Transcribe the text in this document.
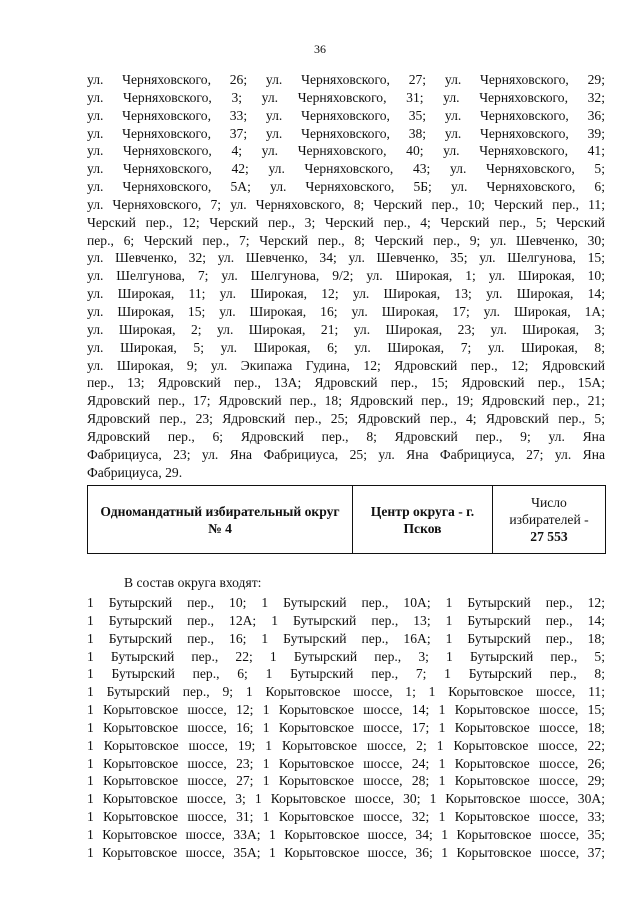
36
ул. Черняховского, 26; ул. Черняховского, 27; ул. Черняховского, 29;
ул. Черняховского, 3; ул. Черняховского, 31; ул. Черняховского, 32;
ул. Черняховского, 33; ул. Черняховского, 35; ул. Черняховского, 36;
ул. Черняховского, 37; ул. Черняховского, 38; ул. Черняховского, 39;
ул. Черняховского, 4; ул. Черняховского, 40; ул. Черняховского, 41;
ул. Черняховского, 42; ул. Черняховского, 43; ул. Черняховского, 5;
ул. Черняховского, 5А; ул. Черняховского, 5Б; ул. Черняховского, 6;
ул. Черняховского, 7; ул. Черняховского, 8; Черский пер., 10; Черский пер., 11;
Черский пер., 12; Черский пер., 3; Черский пер., 4; Черский пер., 5; Черский
пер., 6; Черский пер., 7; Черский пер., 8; Черский пер., 9; ул. Шевченко, 30;
ул. Шевченко, 32; ул. Шевченко, 34; ул. Шевченко, 35; ул. Шелгунова, 15;
ул. Шелгунова, 7; ул. Шелгунова, 9/2; ул. Широкая, 1; ул. Широкая, 10;
ул. Широкая, 11; ул. Широкая, 12; ул. Широкая, 13; ул. Широкая, 14;
ул. Широкая, 15; ул. Широкая, 16; ул. Широкая, 17; ул. Широкая, 1А;
ул. Широкая, 2; ул. Широкая, 21; ул. Широкая, 23; ул. Широкая, 3;
ул. Широкая, 5; ул. Широкая, 6; ул. Широкая, 7; ул. Широкая, 8;
ул. Широкая, 9; ул. Экипажа Гудина, 12; Ядровский пер., 12; Ядровский
пер., 13; Ядровский пер., 13А; Ядровский пер., 15; Ядровский пер., 15А;
Ядровский пер., 17; Ядровский пер., 18; Ядровский пер., 19; Ядровский пер., 21;
Ядровский пер., 23; Ядровский пер., 25; Ядровский пер., 4; Ядровский пер., 5;
Ядровский пер., 6; Ядровский пер., 8; Ядровский пер., 9; ул. Яна
Фабрициуса, 23; ул. Яна Фабрициуса, 25; ул. Яна Фабрициуса, 27; ул. Яна
Фабрициуса, 29.
Одномандатный избирательный округ № 4
Центр округа - г. Псков
Число избирателей -
27 553
В состав округа входят:
1 Бутырский пер., 10; 1 Бутырский пер., 10А; 1 Бутырский пер., 12;
1 Бутырский пер., 12А; 1 Бутырский пер., 13; 1 Бутырский пер., 14;
1 Бутырский пер., 16; 1 Бутырский пер., 16А; 1 Бутырский пер., 18;
1 Бутырский пер., 22; 1 Бутырский пер., 3; 1 Бутырский пер., 5;
1 Бутырский пер., 6; 1 Бутырский пер., 7; 1 Бутырский пер., 8;
1 Бутырский пер., 9; 1 Корытовское шоссе, 1; 1 Корытовское шоссе, 11;
1 Корытовское шоссе, 12; 1 Корытовское шоссе, 14; 1 Корытовское шоссе, 15;
1 Корытовское шоссе, 16; 1 Корытовское шоссе, 17; 1 Корытовское шоссе, 18;
1 Корытовское шоссе, 19; 1 Корытовское шоссе, 2; 1 Корытовское шоссе, 22;
1 Корытовское шоссе, 23; 1 Корытовское шоссе, 24; 1 Корытовское шоссе, 26;
1 Корытовское шоссе, 27; 1 Корытовское шоссе, 28; 1 Корытовское шоссе, 29;
1 Корытовское шоссе, 3; 1 Корытовское шоссе, 30; 1 Корытовское шоссе, 30А;
1 Корытовское шоссе, 31; 1 Корытовское шоссе, 32; 1 Корытовское шоссе, 33;
1 Корытовское шоссе, 33А; 1 Корытовское шоссе, 34; 1 Корытовское шоссе, 35;
1 Корытовское шоссе, 35А; 1 Корытовское шоссе, 36; 1 Корытовское шоссе, 37;
